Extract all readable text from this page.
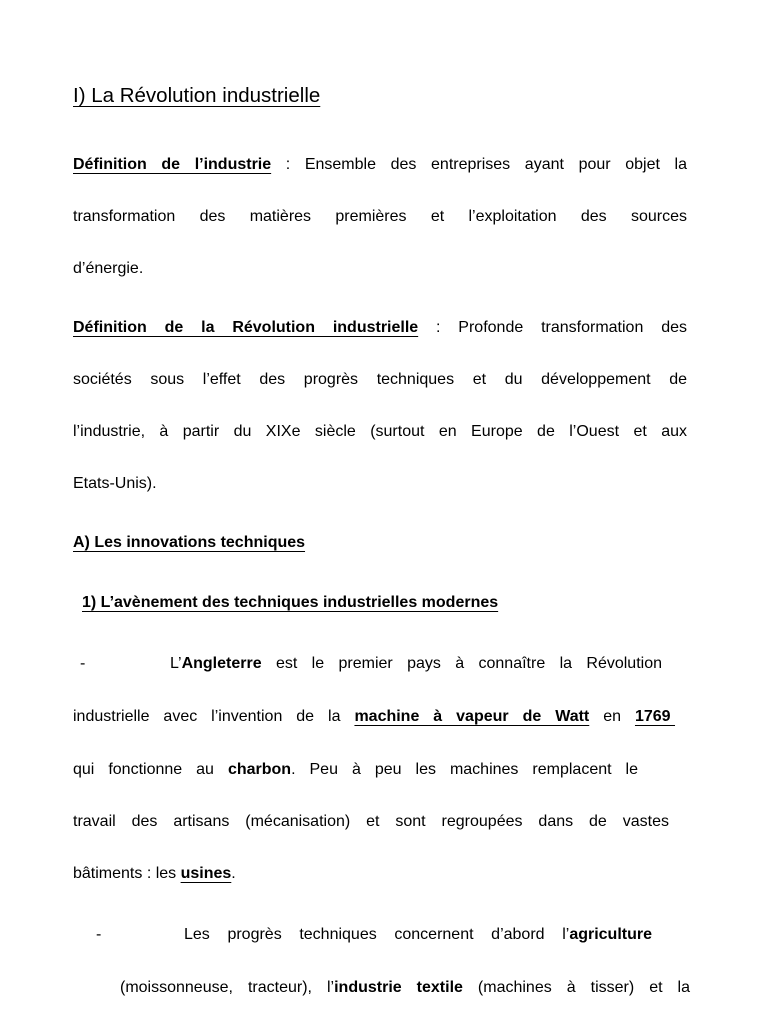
I) La Révolution industrielle
Définition de l’industrie : Ensemble des entreprises ayant pour objet la
transformation des matières premières et l’exploitation des sources
d’énergie.
Définition de la Révolution industrielle : Profonde transformation des
sociétés sous l’effet des progrès techniques et du développement de
l’industrie, à partir du XIXe siècle (surtout en Europe de l’Ouest et aux
Etats-Unis).
A) Les innovations techniques
1) L’avènement des techniques industrielles modernes
-	L’Angleterre est le premier pays à connaître la Révolution
industrielle avec l’invention de la machine à vapeur de Watt en 1769
qui fonctionne au charbon. Peu à peu les machines remplacent le
travail des artisans (mécanisation) et sont regroupées dans de vastes
bâtiments : les usines.
-	Les progrès techniques concernent d’abord l’agriculture
(moissonneuse, tracteur), l’industrie textile (machines à tisser) et la
